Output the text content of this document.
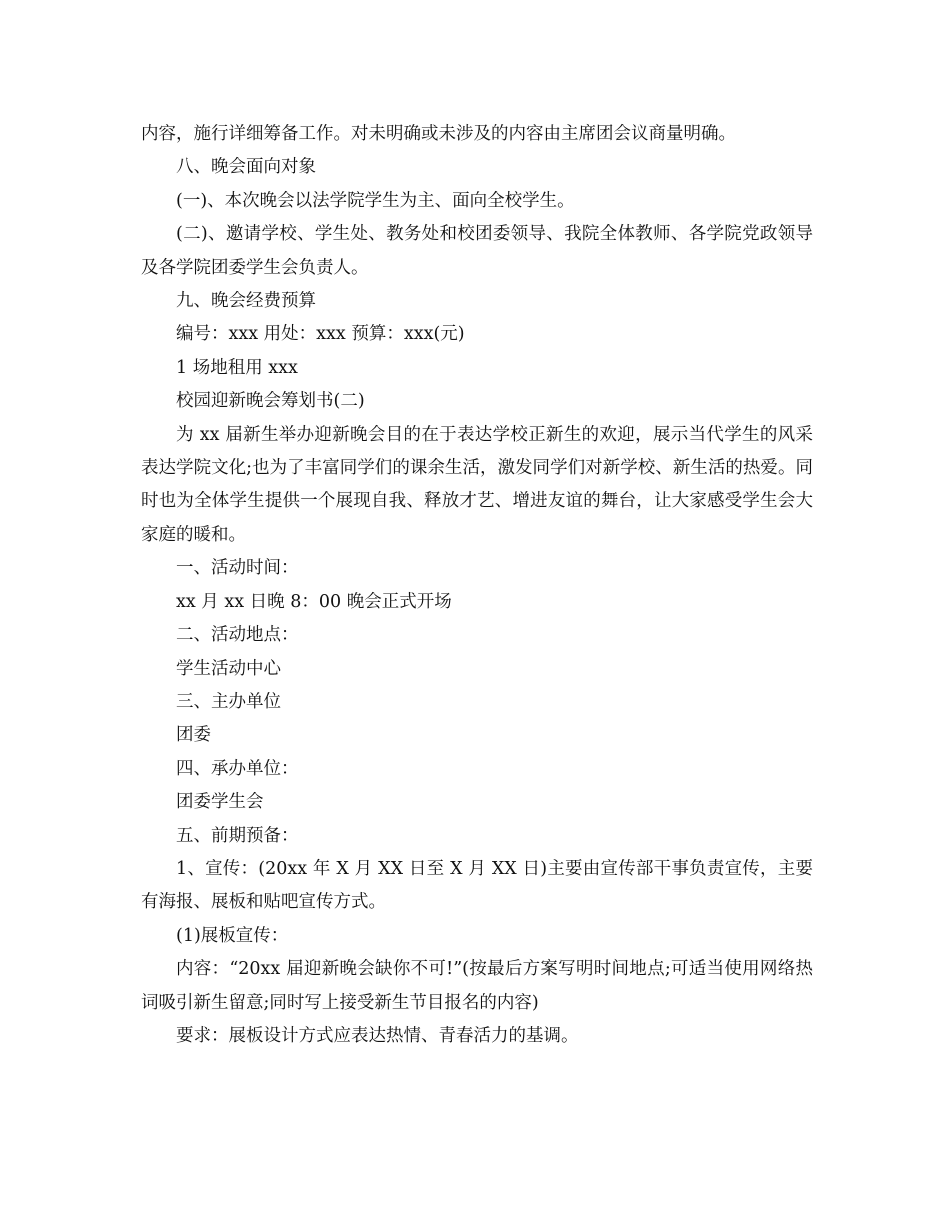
内容，施行详细筹备工作。对未明确或未涉及的内容由主席团会议商量明确。

八、晚会面向对象

(一)、本次晚会以法学院学生为主、面向全校学生。

(二)、邀请学校、学生处、教务处和校团委领导、我院全体教师、各学院党政领导及各学院团委学生会负责人。

九、晚会经费预算

编号：xxx 用处：xxx 预算：xxx(元)

1 场地租用 xxx

校园迎新晚会筹划书(二)

为 xx 届新生举办迎新晚会目的在于表达学校正新生的欢迎，展示当代学生的风采表达学院文化;也为了丰富同学们的课余生活，激发同学们对新学校、新生活的热爱。同时也为全体学生提供一个展现自我、释放才艺、增进友谊的舞台，让大家感受学生会大家庭的暖和。

一、活动时间：

xx 月 xx 日晚 8：00 晚会正式开场

二、活动地点：

学生活动中心

三、主办单位

团委

四、承办单位：

团委学生会

五、前期预备：

1、宣传：(20xx 年 X 月 XX 日至 X 月 XX 日)主要由宣传部干事负责宣传，主要有海报、展板和贴吧宣传方式。

(1)展板宣传：

内容：“20xx 届迎新晚会缺你不可!”(按最后方案写明时间地点;可适当使用网络热词吸引新生留意;同时写上接受新生节目报名的内容)

要求：展板设计方式应表达热情、青春活力的基调。
